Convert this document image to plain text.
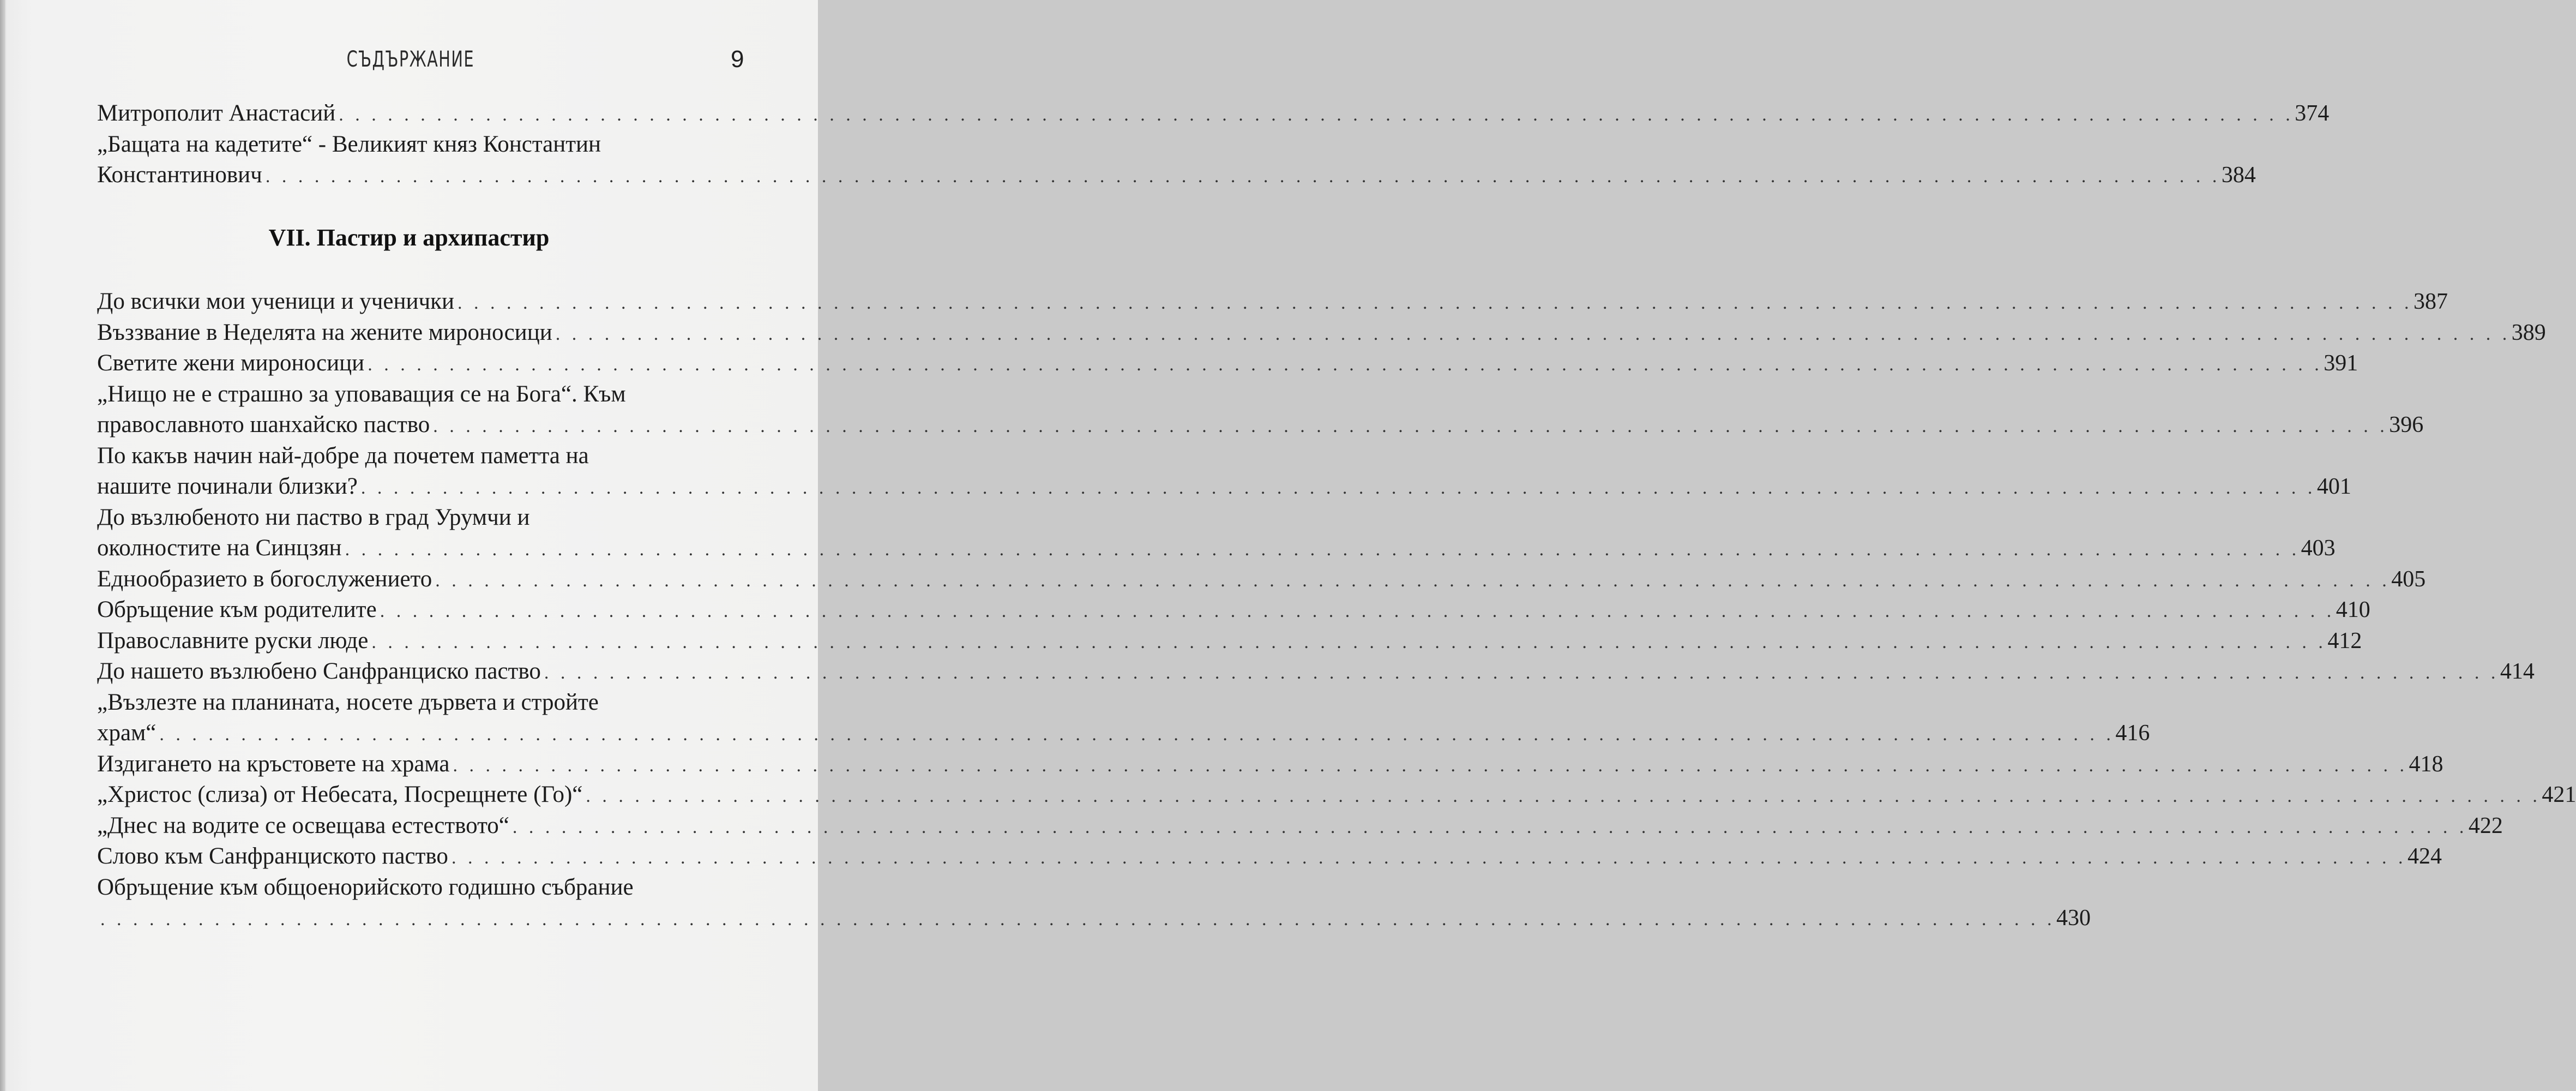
СЪДЪРЖАНИЕ	9
Митрополит Анастасий . . . . . . . . . . . . . . . . . . . . . . . . . . . . . . . . . . . . . . . . . . . . . . . . . . . . . . . . . . . . . . . . . . . . . . . . . . . . . . . . . . . . . . . . . . . . . . . . . . . . . . . . . . . . . . . . . . . . . . . . 374
„Бащата на кадетите“ - Великият княз Константин
Константинович . . . . . . . . . . . . . . . . . . . . . . . . . . . . . . . . . . . . . . . . . . . . . . . . . . . . . . . . . . . . . . . . . . . . . . . . . . . . . . . . . . . . . . . . . . . . . . . . . . . . . . . . . . . . . . . . . . . . . . . . 384
VII. Пастир и архипастир
До всички мои ученици и ученички . . . . . . . . . . . . . . . . . . . . . . . . . . . . . . . . . . . . . . . . . . . . . . . . . . . . . . . . . . . . . . . . . . . . . . . . . . . . . . . . . . . . . . . . . . . . . . . . . . . . . . . . . . . . . . . . . . . . . . . . 387
Въззвание в Неделята на жените мироносици . . . . . . . . . . . . . . . . . . . . . . . . . . . . . . . . . . . . . . . . . . . . . . . . . . . . . . . . . . . . . . . . . . . . . . . . . . . . . . . . . . . . . . . . . . . . . . . . . . . . . . . . . . . . . . . . . . . . . . . . 389
Светите жени мироносици . . . . . . . . . . . . . . . . . . . . . . . . . . . . . . . . . . . . . . . . . . . . . . . . . . . . . . . . . . . . . . . . . . . . . . . . . . . . . . . . . . . . . . . . . . . . . . . . . . . . . . . . . . . . . . . . . . . . . . . . 391
„Нищо не е страшно за уповаващия се на Бога“. Към
православното шанхайско паство . . . . . . . . . . . . . . . . . . . . . . . . . . . . . . . . . . . . . . . . . . . . . . . . . . . . . . . . . . . . . . . . . . . . . . . . . . . . . . . . . . . . . . . . . . . . . . . . . . . . . . . . . . . . . . . . . . . . . . . . 396
По какъв начин най-добре да почетем паметта на
нашите починали близки? . . . . . . . . . . . . . . . . . . . . . . . . . . . . . . . . . . . . . . . . . . . . . . . . . . . . . . . . . . . . . . . . . . . . . . . . . . . . . . . . . . . . . . . . . . . . . . . . . . . . . . . . . . . . . . . . . . . . . . . . 401
До възлюбеното ни паство в град Урумчи и
околностите на Синцзян . . . . . . . . . . . . . . . . . . . . . . . . . . . . . . . . . . . . . . . . . . . . . . . . . . . . . . . . . . . . . . . . . . . . . . . . . . . . . . . . . . . . . . . . . . . . . . . . . . . . . . . . . . . . . . . . . . . . . . . . 403
Еднообразието в богослужението . . . . . . . . . . . . . . . . . . . . . . . . . . . . . . . . . . . . . . . . . . . . . . . . . . . . . . . . . . . . . . . . . . . . . . . . . . . . . . . . . . . . . . . . . . . . . . . . . . . . . . . . . . . . . . . . . . . . . . . . 405
Обръщение към родителите . . . . . . . . . . . . . . . . . . . . . . . . . . . . . . . . . . . . . . . . . . . . . . . . . . . . . . . . . . . . . . . . . . . . . . . . . . . . . . . . . . . . . . . . . . . . . . . . . . . . . . . . . . . . . . . . . . . . . . . . 410
Православните руски люде . . . . . . . . . . . . . . . . . . . . . . . . . . . . . . . . . . . . . . . . . . . . . . . . . . . . . . . . . . . . . . . . . . . . . . . . . . . . . . . . . . . . . . . . . . . . . . . . . . . . . . . . . . . . . . . . . . . . . . . . 412
До нашето възлюбено Санфранциско паство . . . . . . . . . . . . . . . . . . . . . . . . . . . . . . . . . . . . . . . . . . . . . . . . . . . . . . . . . . . . . . . . . . . . . . . . . . . . . . . . . . . . . . . . . . . . . . . . . . . . . . . . . . . . . . . . . . . . . . . . 414
„Възлезте на планината, носете дървета и стройте
храм“ . . . . . . . . . . . . . . . . . . . . . . . . . . . . . . . . . . . . . . . . . . . . . . . . . . . . . . . . . . . . . . . . . . . . . . . . . . . . . . . . . . . . . . . . . . . . . . . . . . . . . . . . . . . . . . . . . . . . . . . . 416
Издигането на кръстовете на храма . . . . . . . . . . . . . . . . . . . . . . . . . . . . . . . . . . . . . . . . . . . . . . . . . . . . . . . . . . . . . . . . . . . . . . . . . . . . . . . . . . . . . . . . . . . . . . . . . . . . . . . . . . . . . . . . . . . . . . . . 418
„Христос (слиза) от Небесата, Посрещнете (Го)“ . . . . . . . . . . . . . . . . . . . . . . . . . . . . . . . . . . . . . . . . . . . . . . . . . . . . . . . . . . . . . . . . . . . . . . . . . . . . . . . . . . . . . . . . . . . . . . . . . . . . . . . . . . . . . . . . . . . . . . . . 421
„Днес на водите се освещава естеството“ . . . . . . . . . . . . . . . . . . . . . . . . . . . . . . . . . . . . . . . . . . . . . . . . . . . . . . . . . . . . . . . . . . . . . . . . . . . . . . . . . . . . . . . . . . . . . . . . . . . . . . . . . . . . . . . . . . . . . . . . 422
Слово към Санфранциското паство . . . . . . . . . . . . . . . . . . . . . . . . . . . . . . . . . . . . . . . . . . . . . . . . . . . . . . . . . . . . . . . . . . . . . . . . . . . . . . . . . . . . . . . . . . . . . . . . . . . . . . . . . . . . . . . . . . . . . . . . 424
Обръщение към общоенорийското годишно събрание
. . . . . . . . . . . . . . . . . . . . . . . . . . . . . . . . . . . . . . . . . . . . . . . . . . . . . . . . . . . . . . . . . . . . . . . . . . . . . . . . . . . . . . . . . . . . . . . . . . . . . . . . . . . . . . . . . . . . . . . . 430
